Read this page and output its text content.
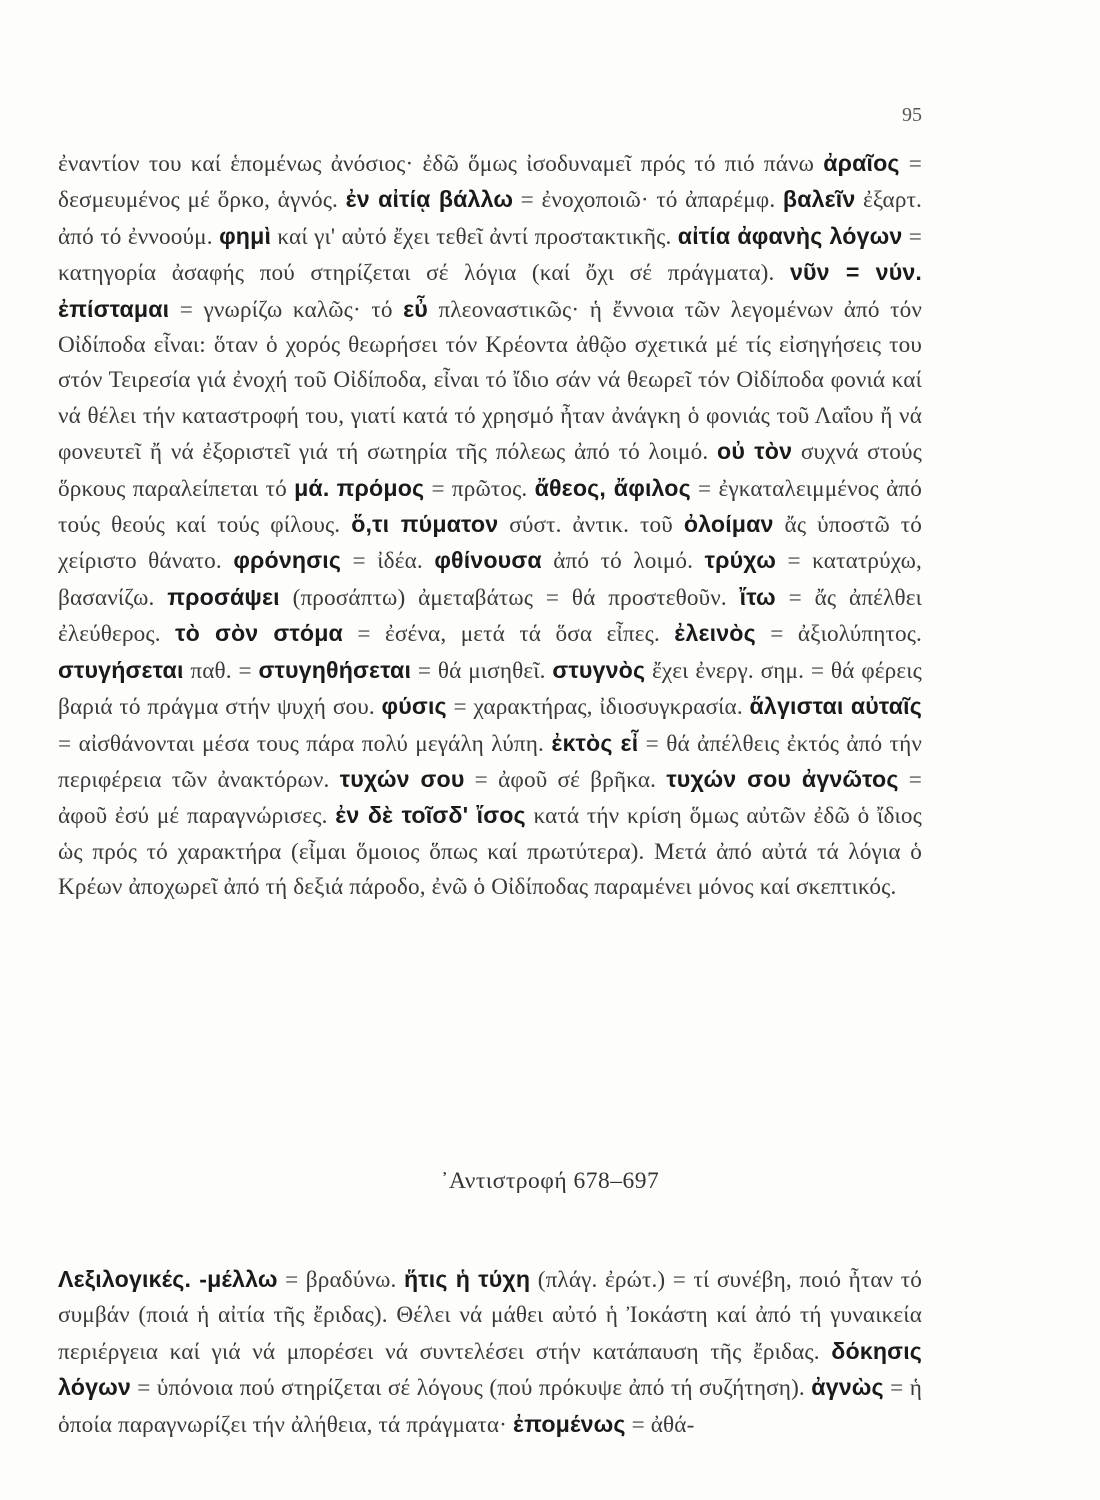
95

ἐναντίον του καί ἑπομένως ἀνόσιος· ἐδῶ ὅμως ἰσοδυναμεῖ πρός τό πιό πάνω ἀραῖος = δεσμευμένος μέ ὅρκο, ἁγνός. ἐν αἰτίᾳ βάλλω = ἐνοχοποιῶ· τό ἀπαρέμφ. βαλεῖν ἐξαρτ. ἀπό τό ἐννοούμ. φημὶ καί γι' αὐτό ἔχει τεθεῖ ἀντί προστακτικῆς. αἰτία ἀφανὴς λόγων = κατηγορία ἀσαφής πού στηρίζεται σέ λόγια (καί ὄχι σέ πράγματα). νῦν = νύν. ἐπίσταμαι = γνωρίζω καλῶς· τό εὖ πλεοναστικῶς· ἡ ἔννοια τῶν λεγομένων ἀπό τόν Οἰδίποδα εἶναι: ὅταν ὁ χορός θεωρήσει τόν Κρέοντα ἀθῷο σχετικά μέ τίς εἰσηγήσεις του στόν Τειρεσία γιά ἐνοχή τοῦ Οἰδίποδα, εἶναι τό ἴδιο σάν νά θεωρεῖ τόν Οἰδίποδα φονιά καί νά θέλει τήν καταστροφή του, γιατί κατά τό χρησμό ἦταν ἀνάγκη ὁ φονιάς τοῦ Λαΐου ἤ νά φονευτεῖ ἤ νά ἐξοριστεῖ γιά τή σωτηρία τῆς πόλεως ἀπό τό λοιμό. οὐ τὸν συχνά στούς ὅρκους παραλείπεται τό μά. πρόμος = πρῶτος. ἄθεος, ἄφιλος = ἐγκαταλειμμένος ἀπό τούς θεούς καί τούς φίλους. ὅ,τι πύματον σύστ. ἀντικ. τοῦ ὀλοίμαν ἄς ὑποστῶ τό χείριστο θάνατο. φρόνησις = ἰδέα. φθίνουσα ἀπό τό λοιμό. τρύχω = κατατρύχω, βασανίζω. προσάψει (προσάπτω) ἀμεταβάτως = θά προστεθοῦν. ἴτω = ἄς ἀπέλθει ἐλεύθερος. τὸ σὸν στόμα = ἐσένα, μετά τά ὅσα εἶπες. ἐλεινὸς = ἀξιολύπητος. στυγήσεται παθ. = στυγηθήσεται = θά μισηθεῖ. στυγνὸς ἔχει ἐνεργ. σημ. = θά φέρεις βαριά τό πράγμα στήν ψυχή σου. φύσις = χαρακτήρας, ἰδιοσυγκρασία. ἄλγισται αὐταῖς = αἰσθάνονται μέσα τους πάρα πολύ μεγάλη λύπη. ἐκτὸς εἶ = θά ἀπέλθεις ἐκτός ἀπό τήν περιφέρεια τῶν ἀνακτόρων. τυχών σου = ἀφοῦ σέ βρῆκα. τυχών σου ἀγνῶτος = ἀφοῦ ἐσύ μέ παραγνώρισες. ἐν δὲ τοῖσδ' ἴσος κατά τήν κρίση ὅμως αὐτῶν ἐδῶ ὁ ἴδιος ὡς πρός τό χαρακτήρα (εἶμαι ὅμοιος ὅπως καί πρωτύτερα). Μετά ἀπό αὐτά τά λόγια ὁ Κρέων ἀποχωρεῖ ἀπό τή δεξιά πάροδο, ἐνῶ ὁ Οἰδίποδας παραμένει μόνος καί σκεπτικός.

᾿Αντιστροφή 678–697

Λεξιλογικές. -μέλλω = βραδύνω. ἥτις ἡ τύχη (πλάγ. ἐρώτ.) = τί συνέβη, ποιό ἦταν τό συμβάν (ποιά ἡ αἰτία τῆς ἔριδας). Θέλει νά μάθει αὐτό ἡ Ἰοκάστη καί ἀπό τή γυναικεία περιέργεια καί γιά νά μπορέσει νά συντελέσει στήν κατάπαυση τῆς ἔριδας. δόκησις λόγων = ὑπόνοια πού στηρίζεται σέ λόγους (πού πρόκυψε ἀπό τή συζήτηση). ἀγνὼς = ἡ ὁποία παραγνωρίζει τήν ἀλήθεια, τά πράγματα· ἐπομένως = ἀθά-
